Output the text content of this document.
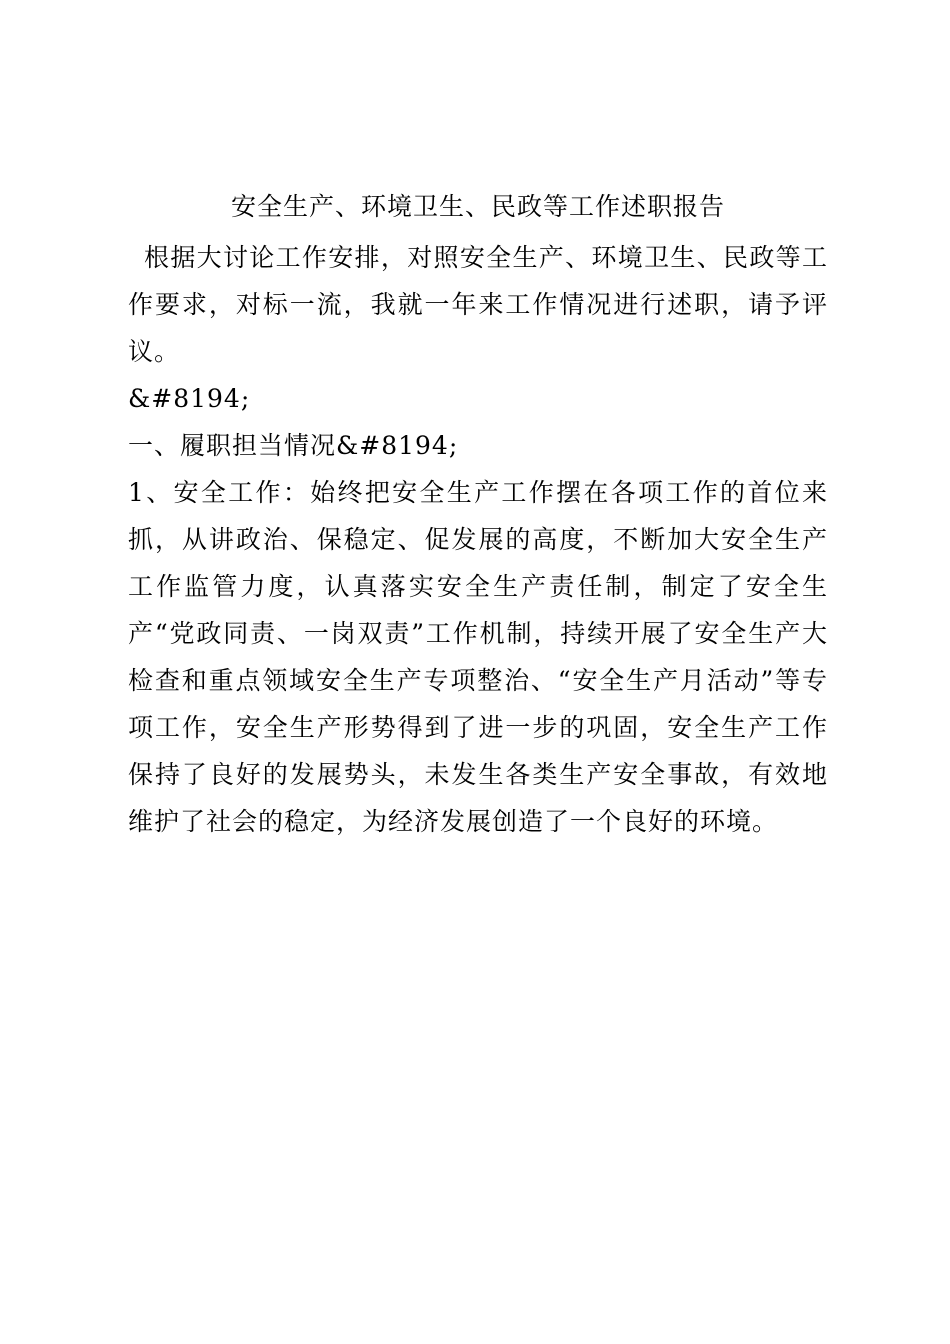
安全生产、环境卫生、民政等工作述职报告

根据大讨论工作安排，对照安全生产、环境卫生、民政等工作要求，对标一流，我就一年来工作情况进行述职，请予评议。

&#8194;

一、履职担当情况&#8194;

1、安全工作：始终把安全生产工作摆在各项工作的首位来抓，从讲政治、保稳定、促发展的高度，不断加大安全生产工作监管力度，认真落实安全生产责任制，制定了安全生产“党政同责、一岗双责”工作机制，持续开展了安全生产大检查和重点领域安全生产专项整治、“安全生产月活动”等专项工作，安全生产形势得到了进一步的巩固，安全生产工作保持了良好的发展势头，未发生各类生产安全事故，有效地维护了社会的稳定，为经济发展创造了一个良好的环境。
